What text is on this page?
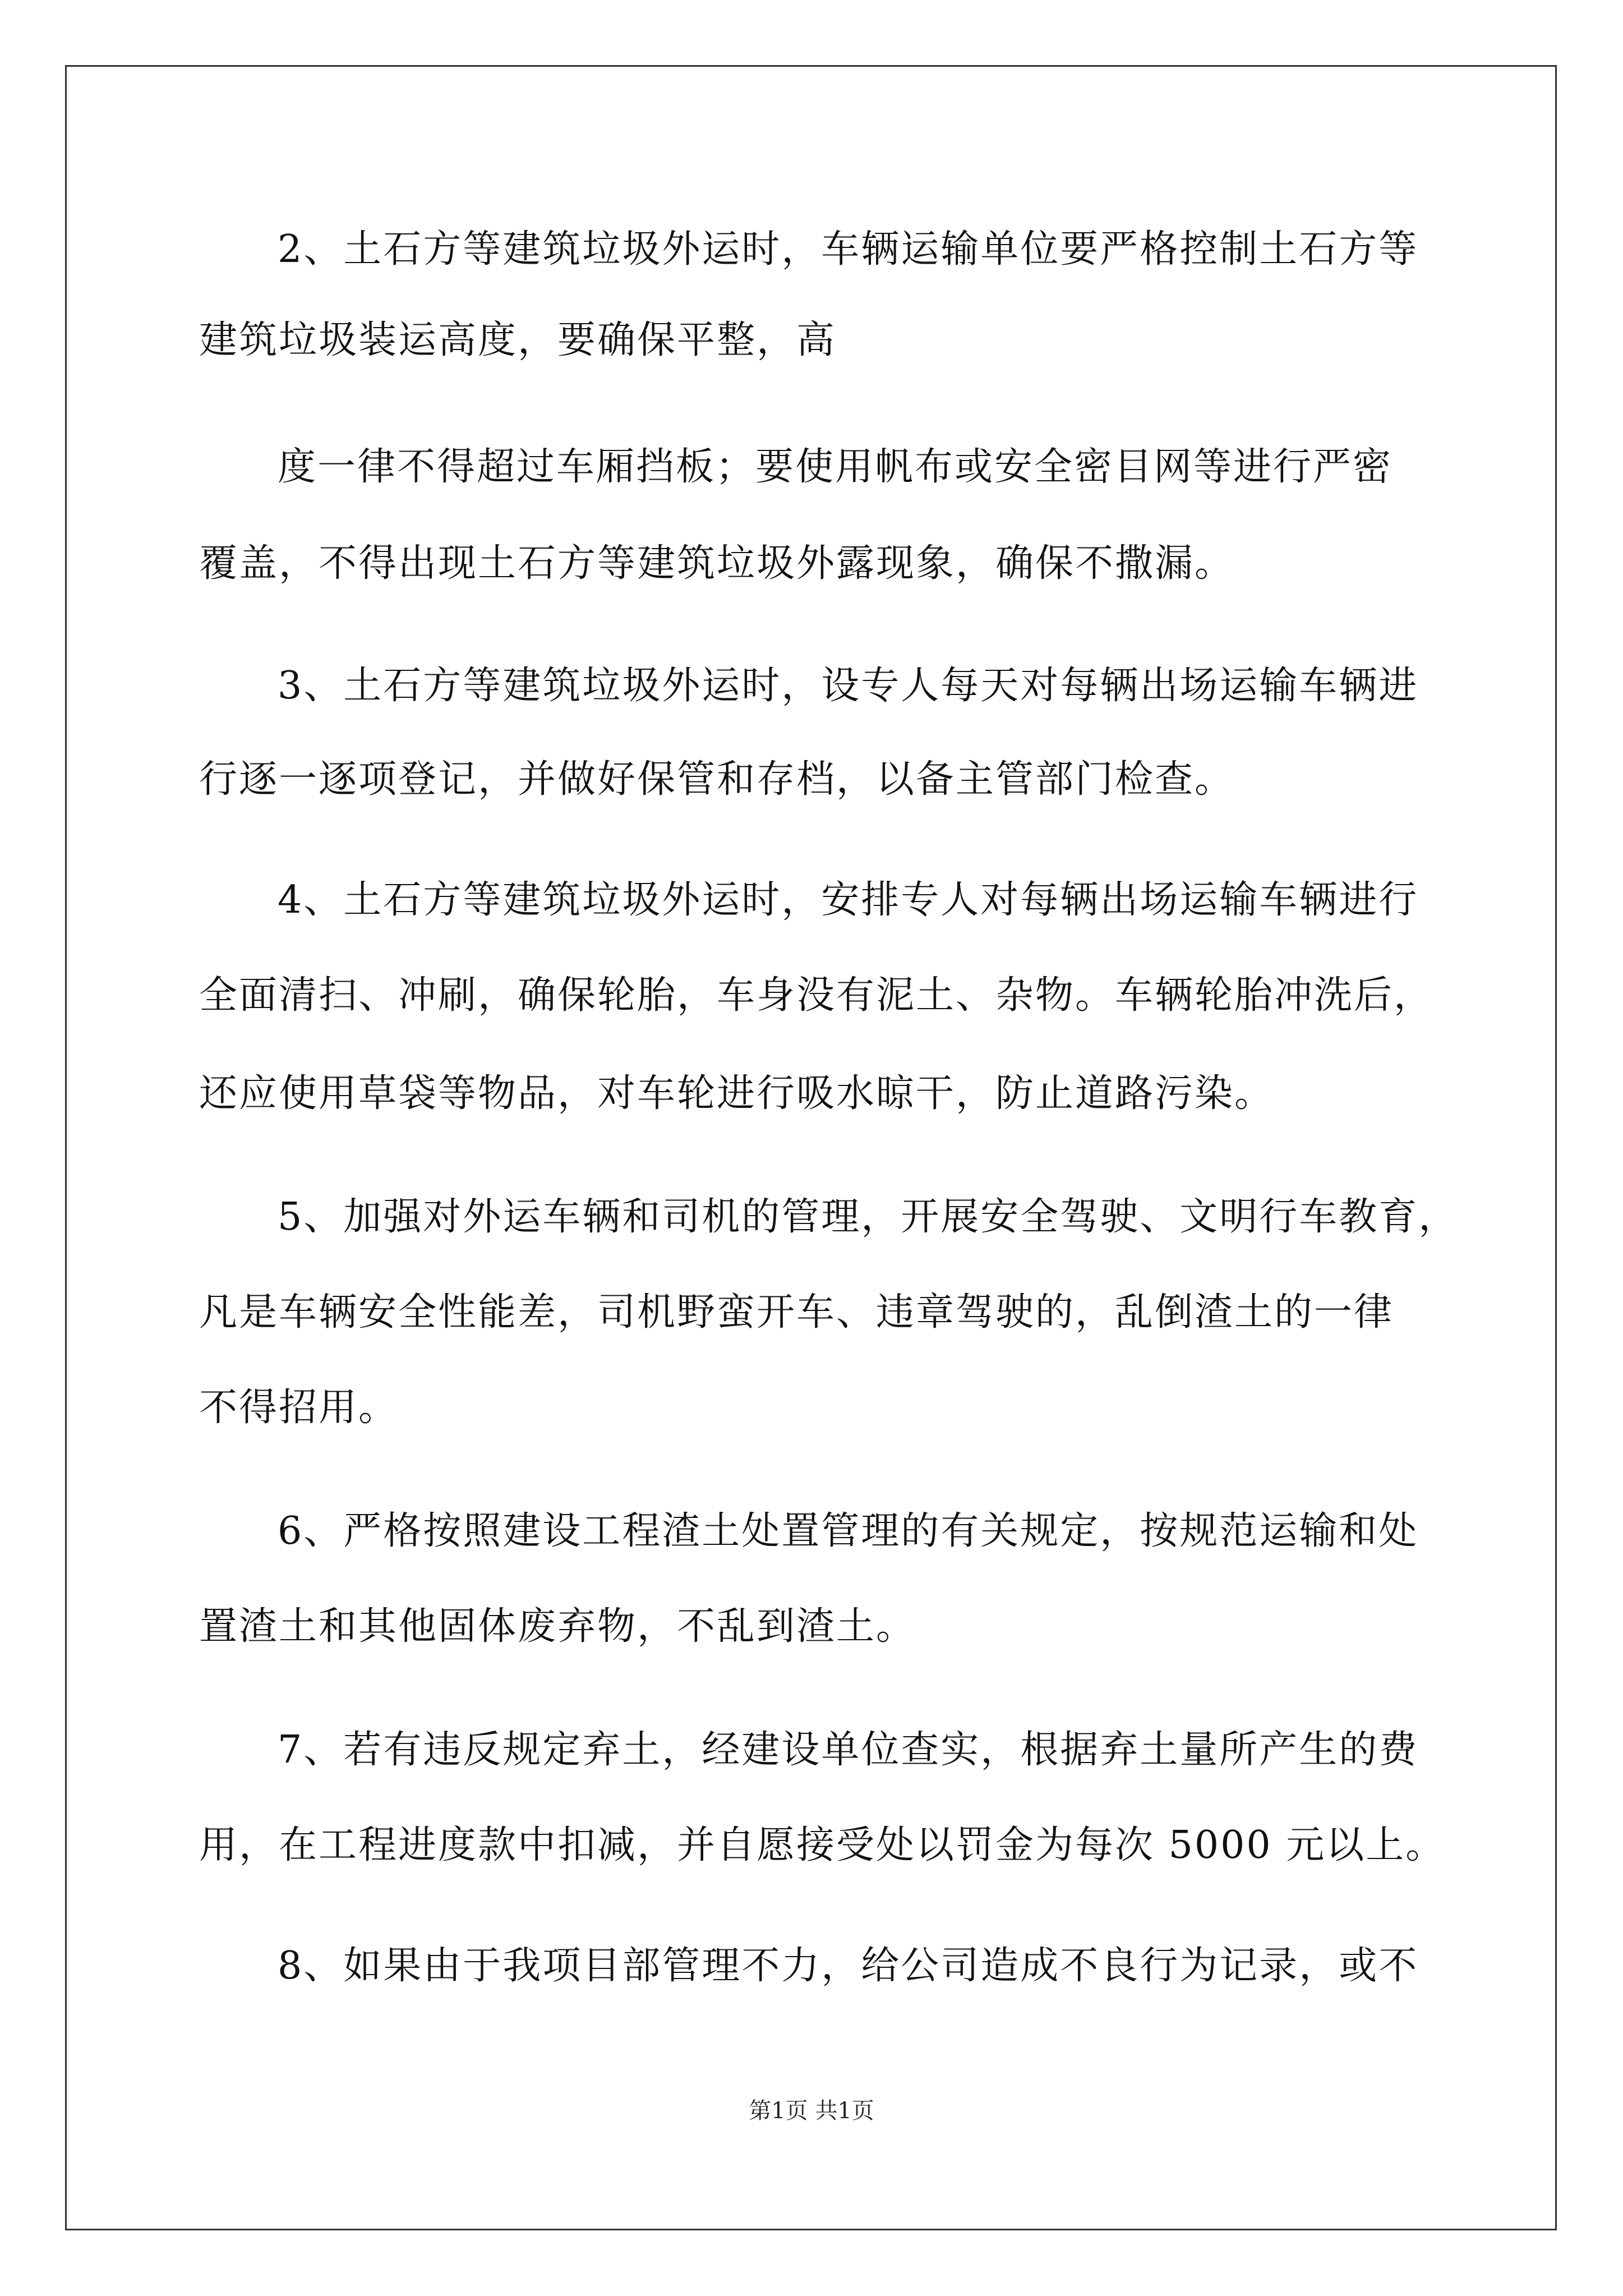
2、土石方等建筑垃圾外运时，车辆运输单位要严格控制土石方等
建筑垃圾装运高度，要确保平整，高
度一律不得超过车厢挡板；要使用帆布或安全密目网等进行严密
覆盖，不得出现土石方等建筑垃圾外露现象，确保不撒漏。
3、土石方等建筑垃圾外运时，设专人每天对每辆出场运输车辆进
行逐一逐项登记，并做好保管和存档，以备主管部门检查。
4、土石方等建筑垃圾外运时，安排专人对每辆出场运输车辆进行
全面清扫、冲刷，确保轮胎，车身没有泥土、杂物。车辆轮胎冲洗后，
还应使用草袋等物品，对车轮进行吸水晾干，防止道路污染。
5、加强对外运车辆和司机的管理，开展安全驾驶、文明行车教育，
凡是车辆安全性能差，司机野蛮开车、违章驾驶的，乱倒渣土的一律
不得招用。
6、严格按照建设工程渣土处置管理的有关规定，按规范运输和处
置渣土和其他固体废弃物，不乱到渣土。
7、若有违反规定弃土，经建设单位查实，根据弃土量所产生的费
用，在工程进度款中扣减，并自愿接受处以罚金为每次 5000 元以上。
8、如果由于我项目部管理不力，给公司造成不良行为记录，或不
第1页 共1页
